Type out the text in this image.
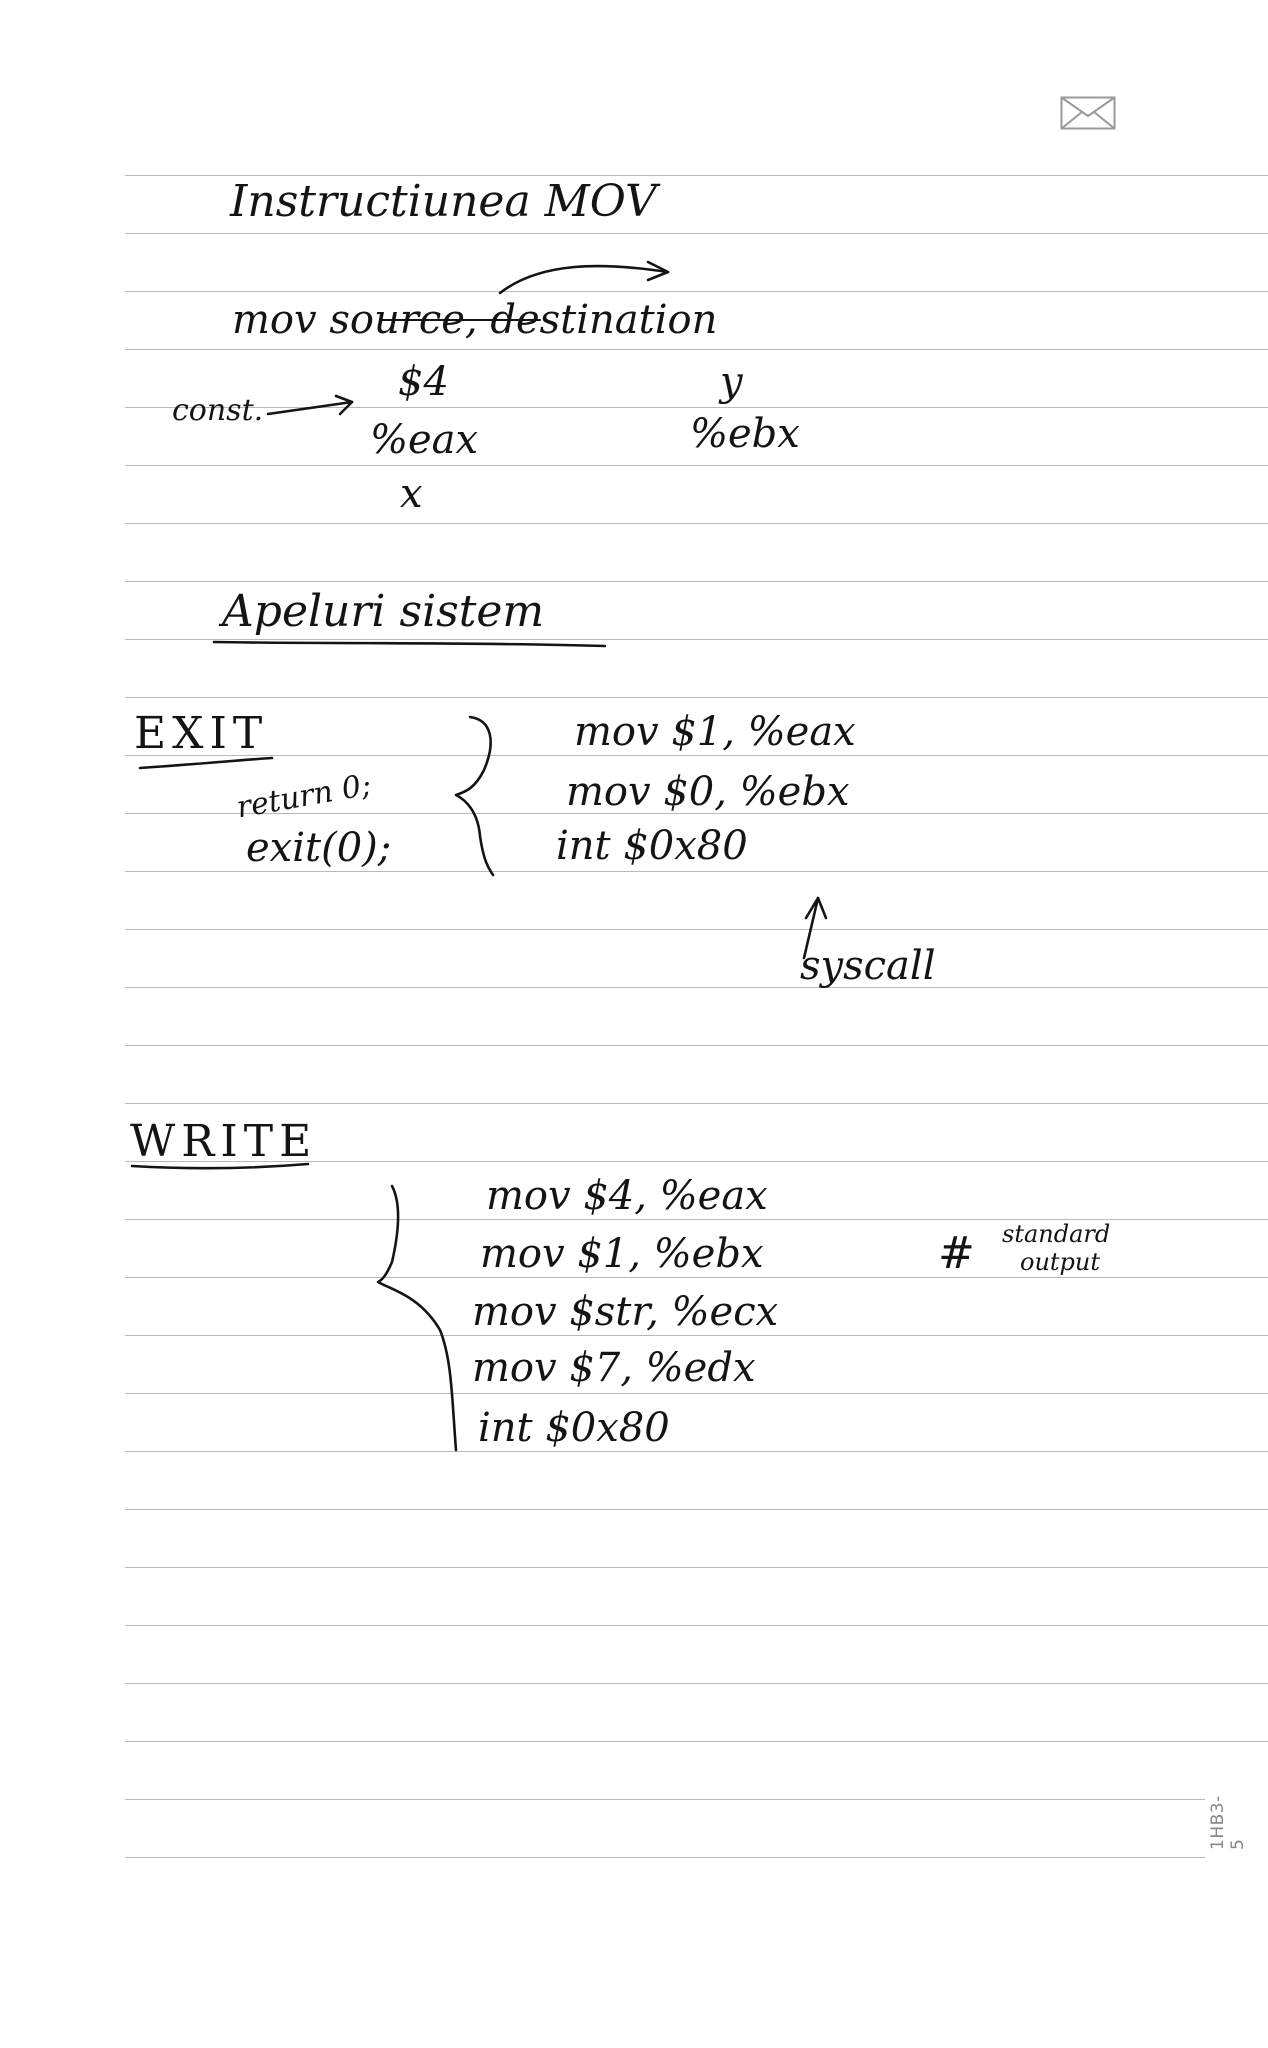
Instructiunea MOV
mov source, destination
const.
$4
%eax
y
%ebx
x
Apeluri sistem
EXIT
return 0;
exit(0);
mov $1, %eax
mov $0, %ebx
int $0x80
syscall
WRITE
mov $4, %eax
mov $1, %ebx
mov $str, %ecx
mov $7, %edx
int $0x80
# standard
output
1HB3-5
